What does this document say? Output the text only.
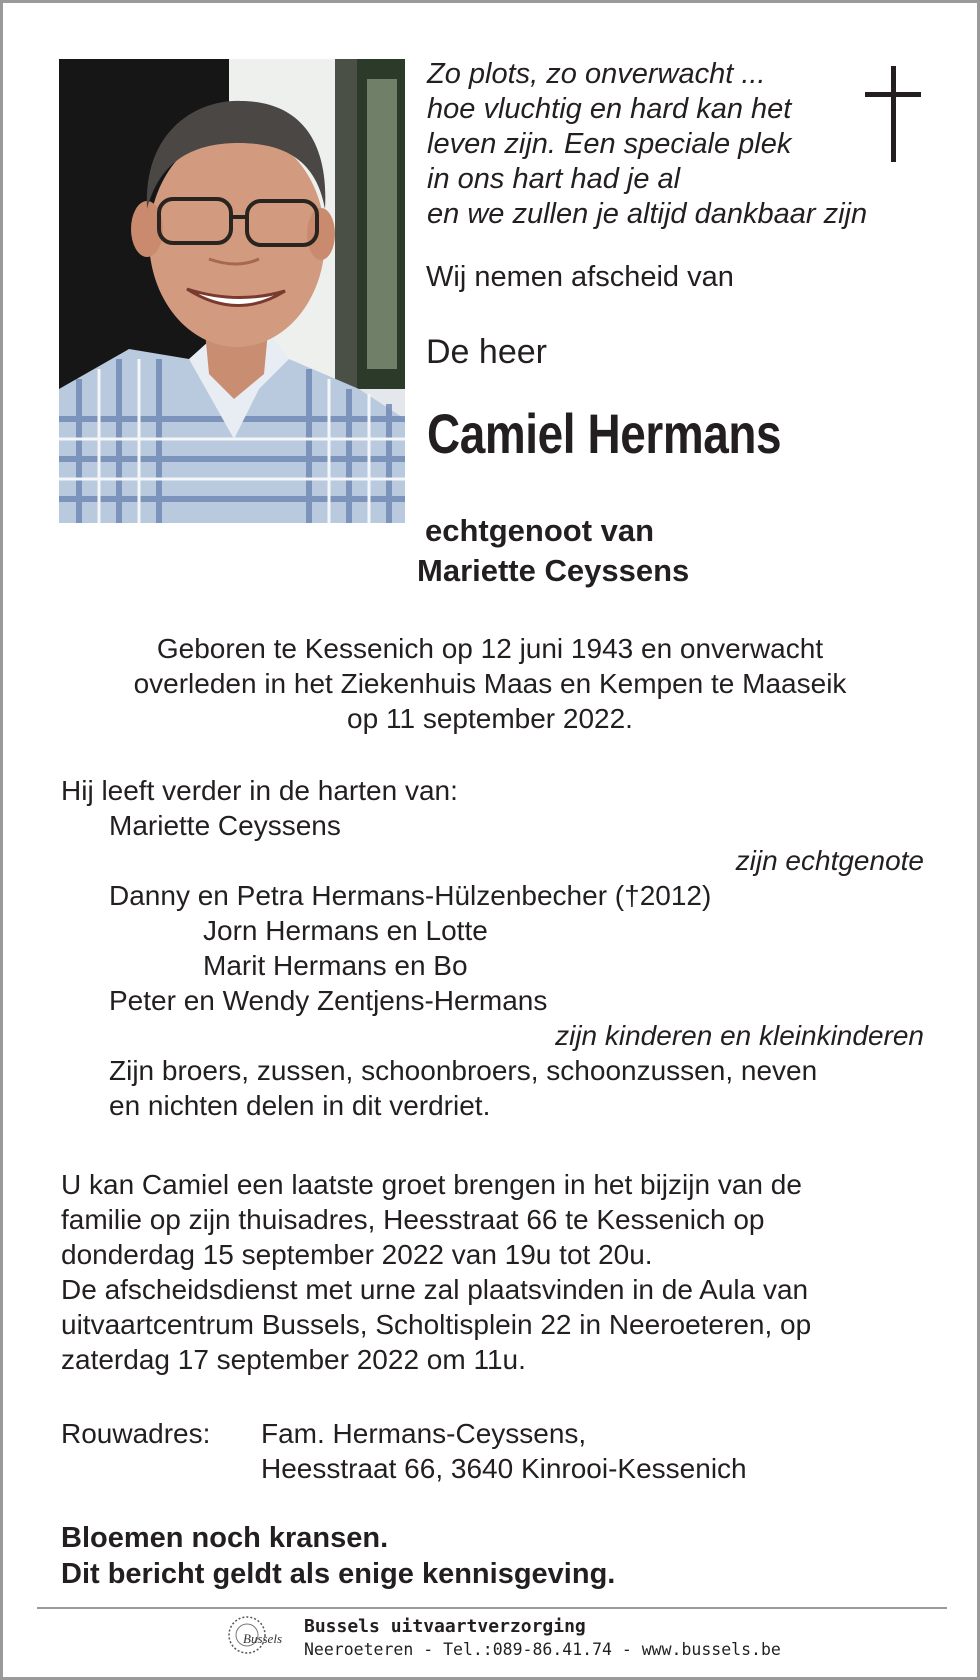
Zo plots, zo onverwacht ...
hoe vluchtig en hard kan het
leven zijn. Een speciale plek
in ons hart had je al
en we zullen je altijd dankbaar zijn
Wij nemen afscheid van
De heer
Camiel Hermans
echtgenoot van
Mariette Ceyssens
Geboren te Kessenich op 12 juni 1943 en onverwacht
overleden in het Ziekenhuis Maas en Kempen te Maaseik
op 11 september 2022.
Hij leeft verder in de harten van:
Mariette Ceyssens
zijn echtgenote
Danny en Petra Hermans-Hülzenbecher (†2012)
Jorn Hermans en Lotte
Marit Hermans en Bo
Peter en Wendy Zentjens-Hermans
zijn kinderen en kleinkinderen
Zijn broers, zussen, schoonbroers, schoonzussen, neven
en nichten delen in dit verdriet.
U kan Camiel een laatste groet brengen in het bijzijn van de
familie op zijn thuisadres, Heesstraat 66 te Kessenich op
donderdag 15 september 2022 van 19u tot 20u.
De afscheidsdienst met urne zal plaatsvinden in de Aula van
uitvaartcentrum Bussels, Scholtisplein 22 in Neeroeteren, op
zaterdag 17 september 2022 om 11u.
Rouwadres: Fam. Hermans-Ceyssens,
Heesstraat 66, 3640 Kinrooi-Kessenich
Bloemen noch kransen.
Dit bericht geldt als enige kennisgeving.
Bussels
Bussels uitvaartverzorging
Neeroeteren - Tel.:089-86.41.74 - www.bussels.be
